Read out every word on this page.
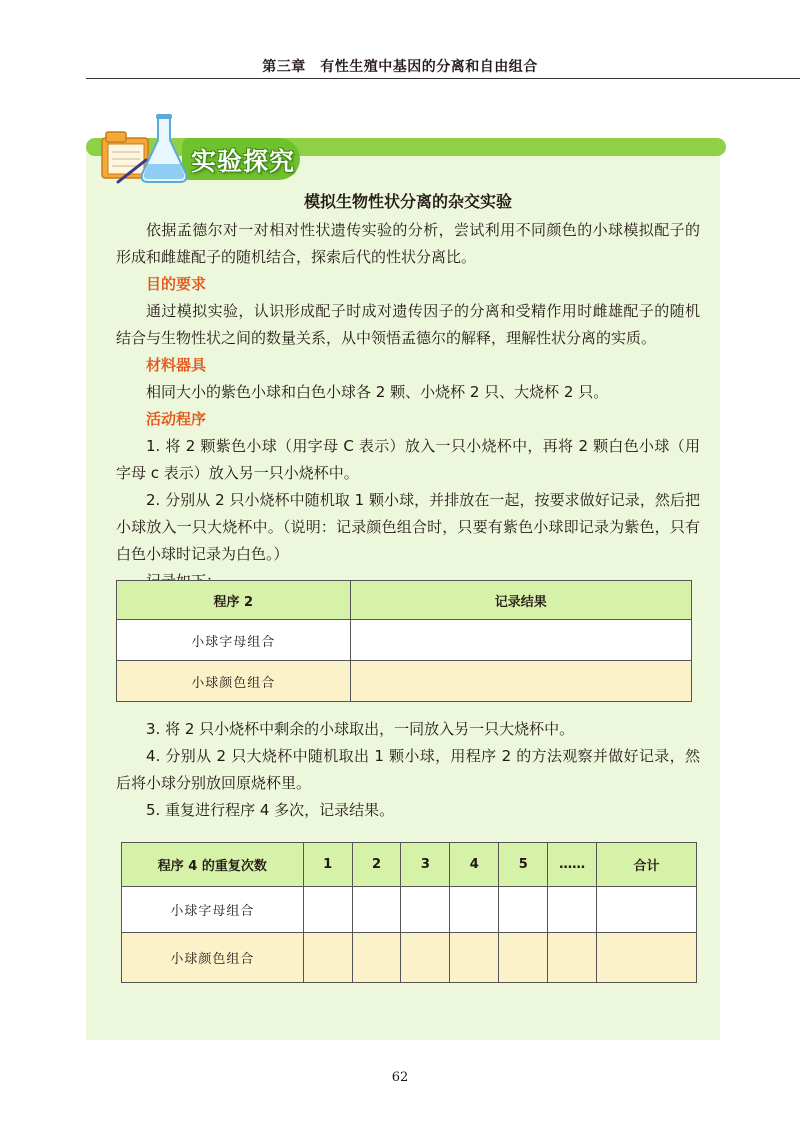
第三章　有性生殖中基因的分离和自由组合
实验探究
模拟生物性状分离的杂交实验

依据孟德尔对一对相对性状遗传实验的分析，尝试利用不同颜色的小球模拟配子的形成和雌雄配子的随机结合，探索后代的性状分离比。

目的要求

通过模拟实验，认识形成配子时成对遗传因子的分离和受精作用时雌雄配子的随机结合与生物性状之间的数量关系，从中领悟孟德尔的解释，理解性状分离的实质。

材料器具

相同大小的紫色小球和白色小球各 2 颗、小烧杯 2 只、大烧杯 2 只。

活动程序

1. 将 2 颗紫色小球（用字母 C 表示）放入一只小烧杯中，再将 2 颗白色小球（用字母 c 表示）放入另一只小烧杯中。

2. 分别从 2 只小烧杯中随机取 1 颗小球，并排放在一起，按要求做好记录，然后把小球放入一只大烧杯中。（说明：记录颜色组合时，只要有紫色小球即记录为紫色，只有白色小球时记录为白色。）

程序 2	记录结果
小球字母组合	
小球颜色组合	

3. 将 2 只小烧杯中剩余的小球取出，一同放入另一只大烧杯中。

4. 分别从 2 只大烧杯中随机取出 1 颗小球，用程序 2 的方法观察并做好记录，然后将小球分别放回原烧杯里。

5. 重复进行程序 4 多次，记录结果。

程序 4 的重复次数	1	2	3	4	5	……	合计
小球字母组合							
小球颜色组合							
62
